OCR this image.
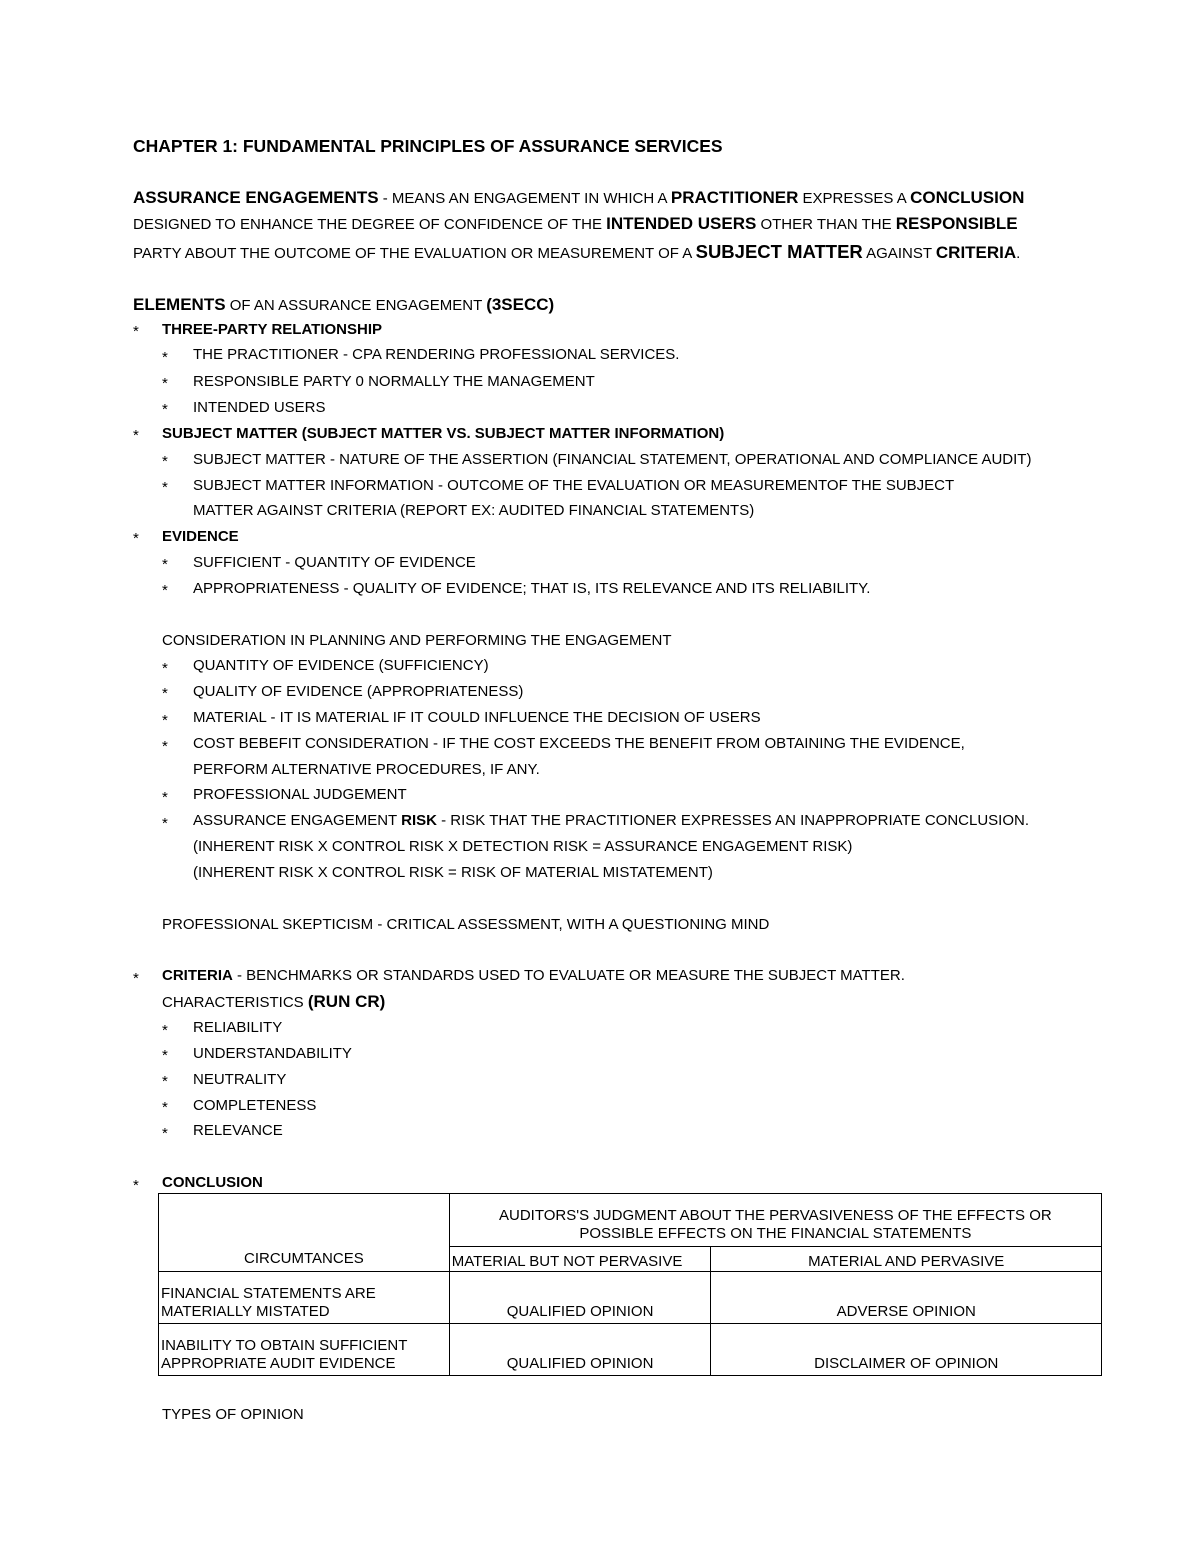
CHAPTER 1: FUNDAMENTAL PRINCIPLES OF ASSURANCE SERVICES
ASSURANCE ENGAGEMENTS - MEANS AN ENGAGEMENT IN WHICH A PRACTITIONER EXPRESSES A CONCLUSION
DESIGNED TO ENHANCE THE DEGREE OF CONFIDENCE OF THE INTENDED USERS OTHER THAN THE RESPONSIBLE
PARTY ABOUT THE OUTCOME OF THE EVALUATION OR MEASUREMENT OF A SUBJECT MATTER AGAINST CRITERIA.
ELEMENTS OF AN ASSURANCE ENGAGEMENT (3SECC)
* THREE-PARTY RELATIONSHIP
* THE PRACTITIONER - CPA RENDERING PROFESSIONAL SERVICES.
* RESPONSIBLE PARTY 0 NORMALLY THE MANAGEMENT
* INTENDED USERS
* SUBJECT MATTER (SUBJECT MATTER VS. SUBJECT MATTER INFORMATION)
* SUBJECT MATTER - NATURE OF THE ASSERTION (FINANCIAL STATEMENT, OPERATIONAL AND COMPLIANCE AUDIT)
* SUBJECT MATTER INFORMATION - OUTCOME OF THE EVALUATION OR MEASUREMENTOF THE SUBJECT
MATTER AGAINST CRITERIA (REPORT EX: AUDITED FINANCIAL STATEMENTS)
* EVIDENCE
* SUFFICIENT - QUANTITY OF EVIDENCE
* APPROPRIATENESS - QUALITY OF EVIDENCE; THAT IS, ITS RELEVANCE AND ITS RELIABILITY.
CONSIDERATION IN PLANNING AND PERFORMING THE ENGAGEMENT
* QUANTITY OF EVIDENCE (SUFFICIENCY)
* QUALITY OF EVIDENCE (APPROPRIATENESS)
* MATERIAL - IT IS MATERIAL IF IT COULD INFLUENCE THE DECISION OF USERS
* COST BEBEFIT CONSIDERATION - IF THE COST EXCEEDS THE BENEFIT FROM OBTAINING THE EVIDENCE,
PERFORM ALTERNATIVE PROCEDURES, IF ANY.
* PROFESSIONAL JUDGEMENT
* ASSURANCE ENGAGEMENT RISK - RISK THAT THE PRACTITIONER EXPRESSES AN INAPPROPRIATE CONCLUSION.
(INHERENT RISK X CONTROL RISK X DETECTION RISK = ASSURANCE ENGAGEMENT RISK)
(INHERENT RISK X CONTROL RISK = RISK OF MATERIAL MISTATEMENT)
PROFESSIONAL SKEPTICISM - CRITICAL ASSESSMENT, WITH A QUESTIONING MIND
* CRITERIA - BENCHMARKS OR STANDARDS USED TO EVALUATE OR MEASURE THE SUBJECT MATTER.
CHARACTERISTICS (RUN CR)
* RELIABILITY
* UNDERSTANDABILITY
* NEUTRALITY
* COMPLETENESS
* RELEVANCE
* CONCLUSION
CIRCUMTANCES	AUDITORS'S JUDGMENT ABOUT THE PERVASIVENESS OF THE EFFECTS OR
POSSIBLE EFFECTS ON THE FINANCIAL STATEMENTS	

	MATERIAL BUT NOT PERVASIVE	MATERIAL AND PERVASIVE

FINANCIAL STATEMENTS ARE
MATERIALLY MISTATED	QUALIFIED OPINION	ADVERSE OPINION

INABILITY TO OBTAIN SUFFICIENT
APPROPRIATE AUDIT EVIDENCE	QUALIFIED OPINION	DISCLAIMER OF OPINION
TYPES OF OPINION
